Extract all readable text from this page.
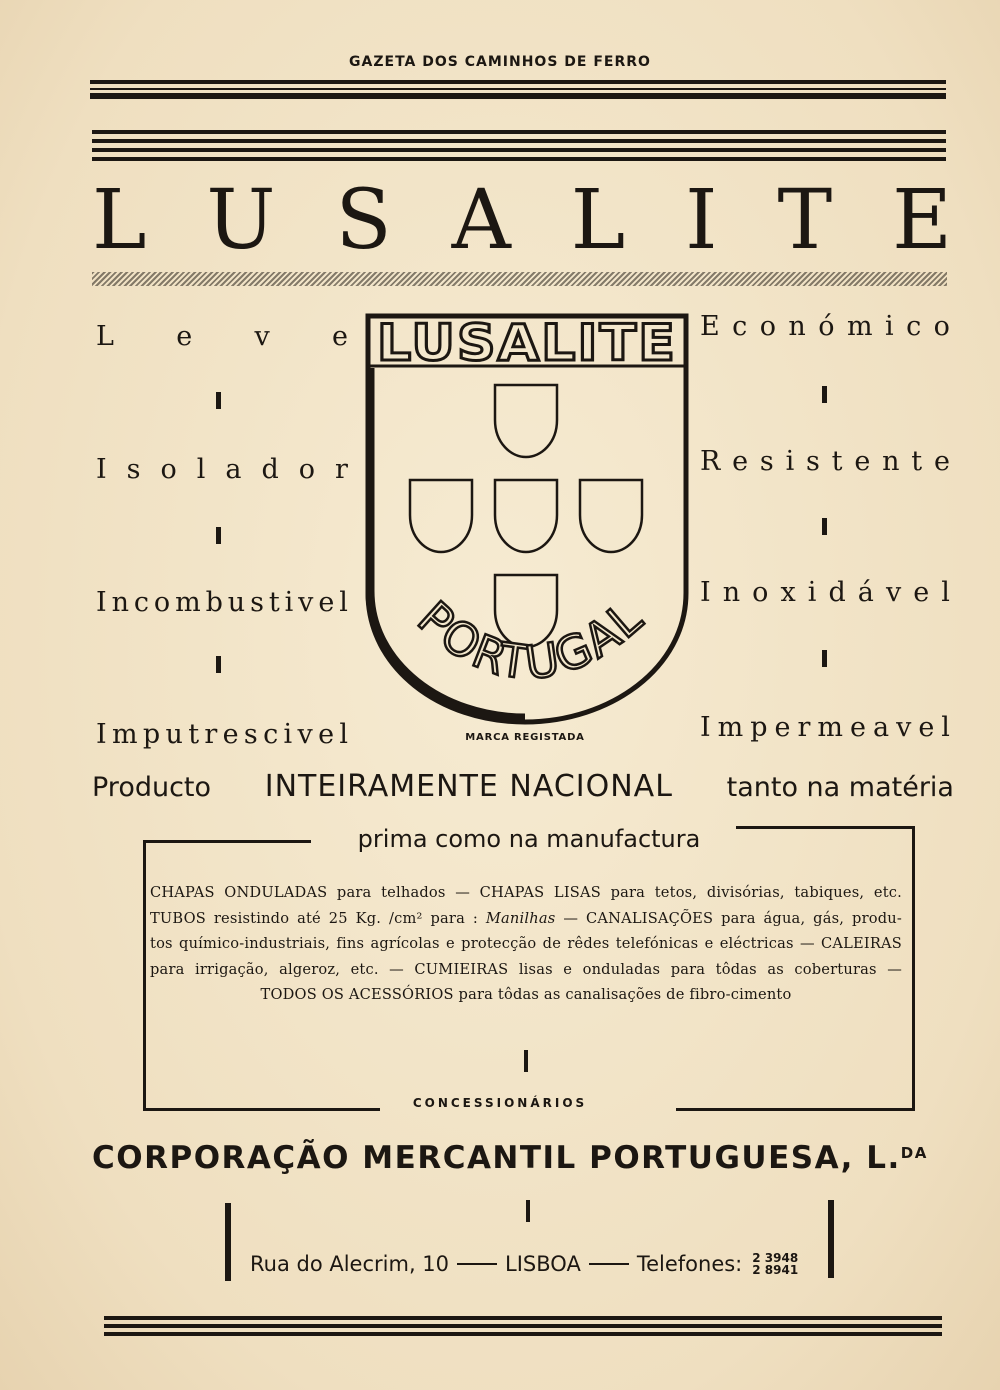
GAZETA DOS CAMINHOS DE FERRO
L U S A L I T E
L e v e
I s o l a d o r
I n c o m b u s t i v e l
I m p u t r e s c i v e l
E c o n ó m i c o
R e s i s t e n t e
I n o x i d á v e l
I m p e r m e a v e l
LUSALITE
PORTUGAL
MARCA REGISTADA
Producto INTEIRAMENTE NACIONAL tanto na matéria
prima como na manufactura
CHAPAS ONDULADAS para telhados — CHAPAS LISAS para tetos, divisórias, tabiques, etc.
TUBOS resistindo até 25 Kg. /cm² para : Manilhas — CANALISAÇÕES para água, gás, produ-
tos químico-industriais, fins agrícolas e protecção de rêdes telefónicas e eléctricas — CALEIRAS
para irrigação, algeroz, etc. — CUMIEIRAS lisas e onduladas para tôdas as coberturas —
TODOS OS ACESSÓRIOS para tôdas as canalisações de fibro-cimento
CONCESSIONÁRIOS
CORPORAÇÃO MERCANTIL PORTUGUESA, L.$^{DA}$
Rua do Alecrim, 10	LISBOA	Telefones: 2 3948
2 8941
